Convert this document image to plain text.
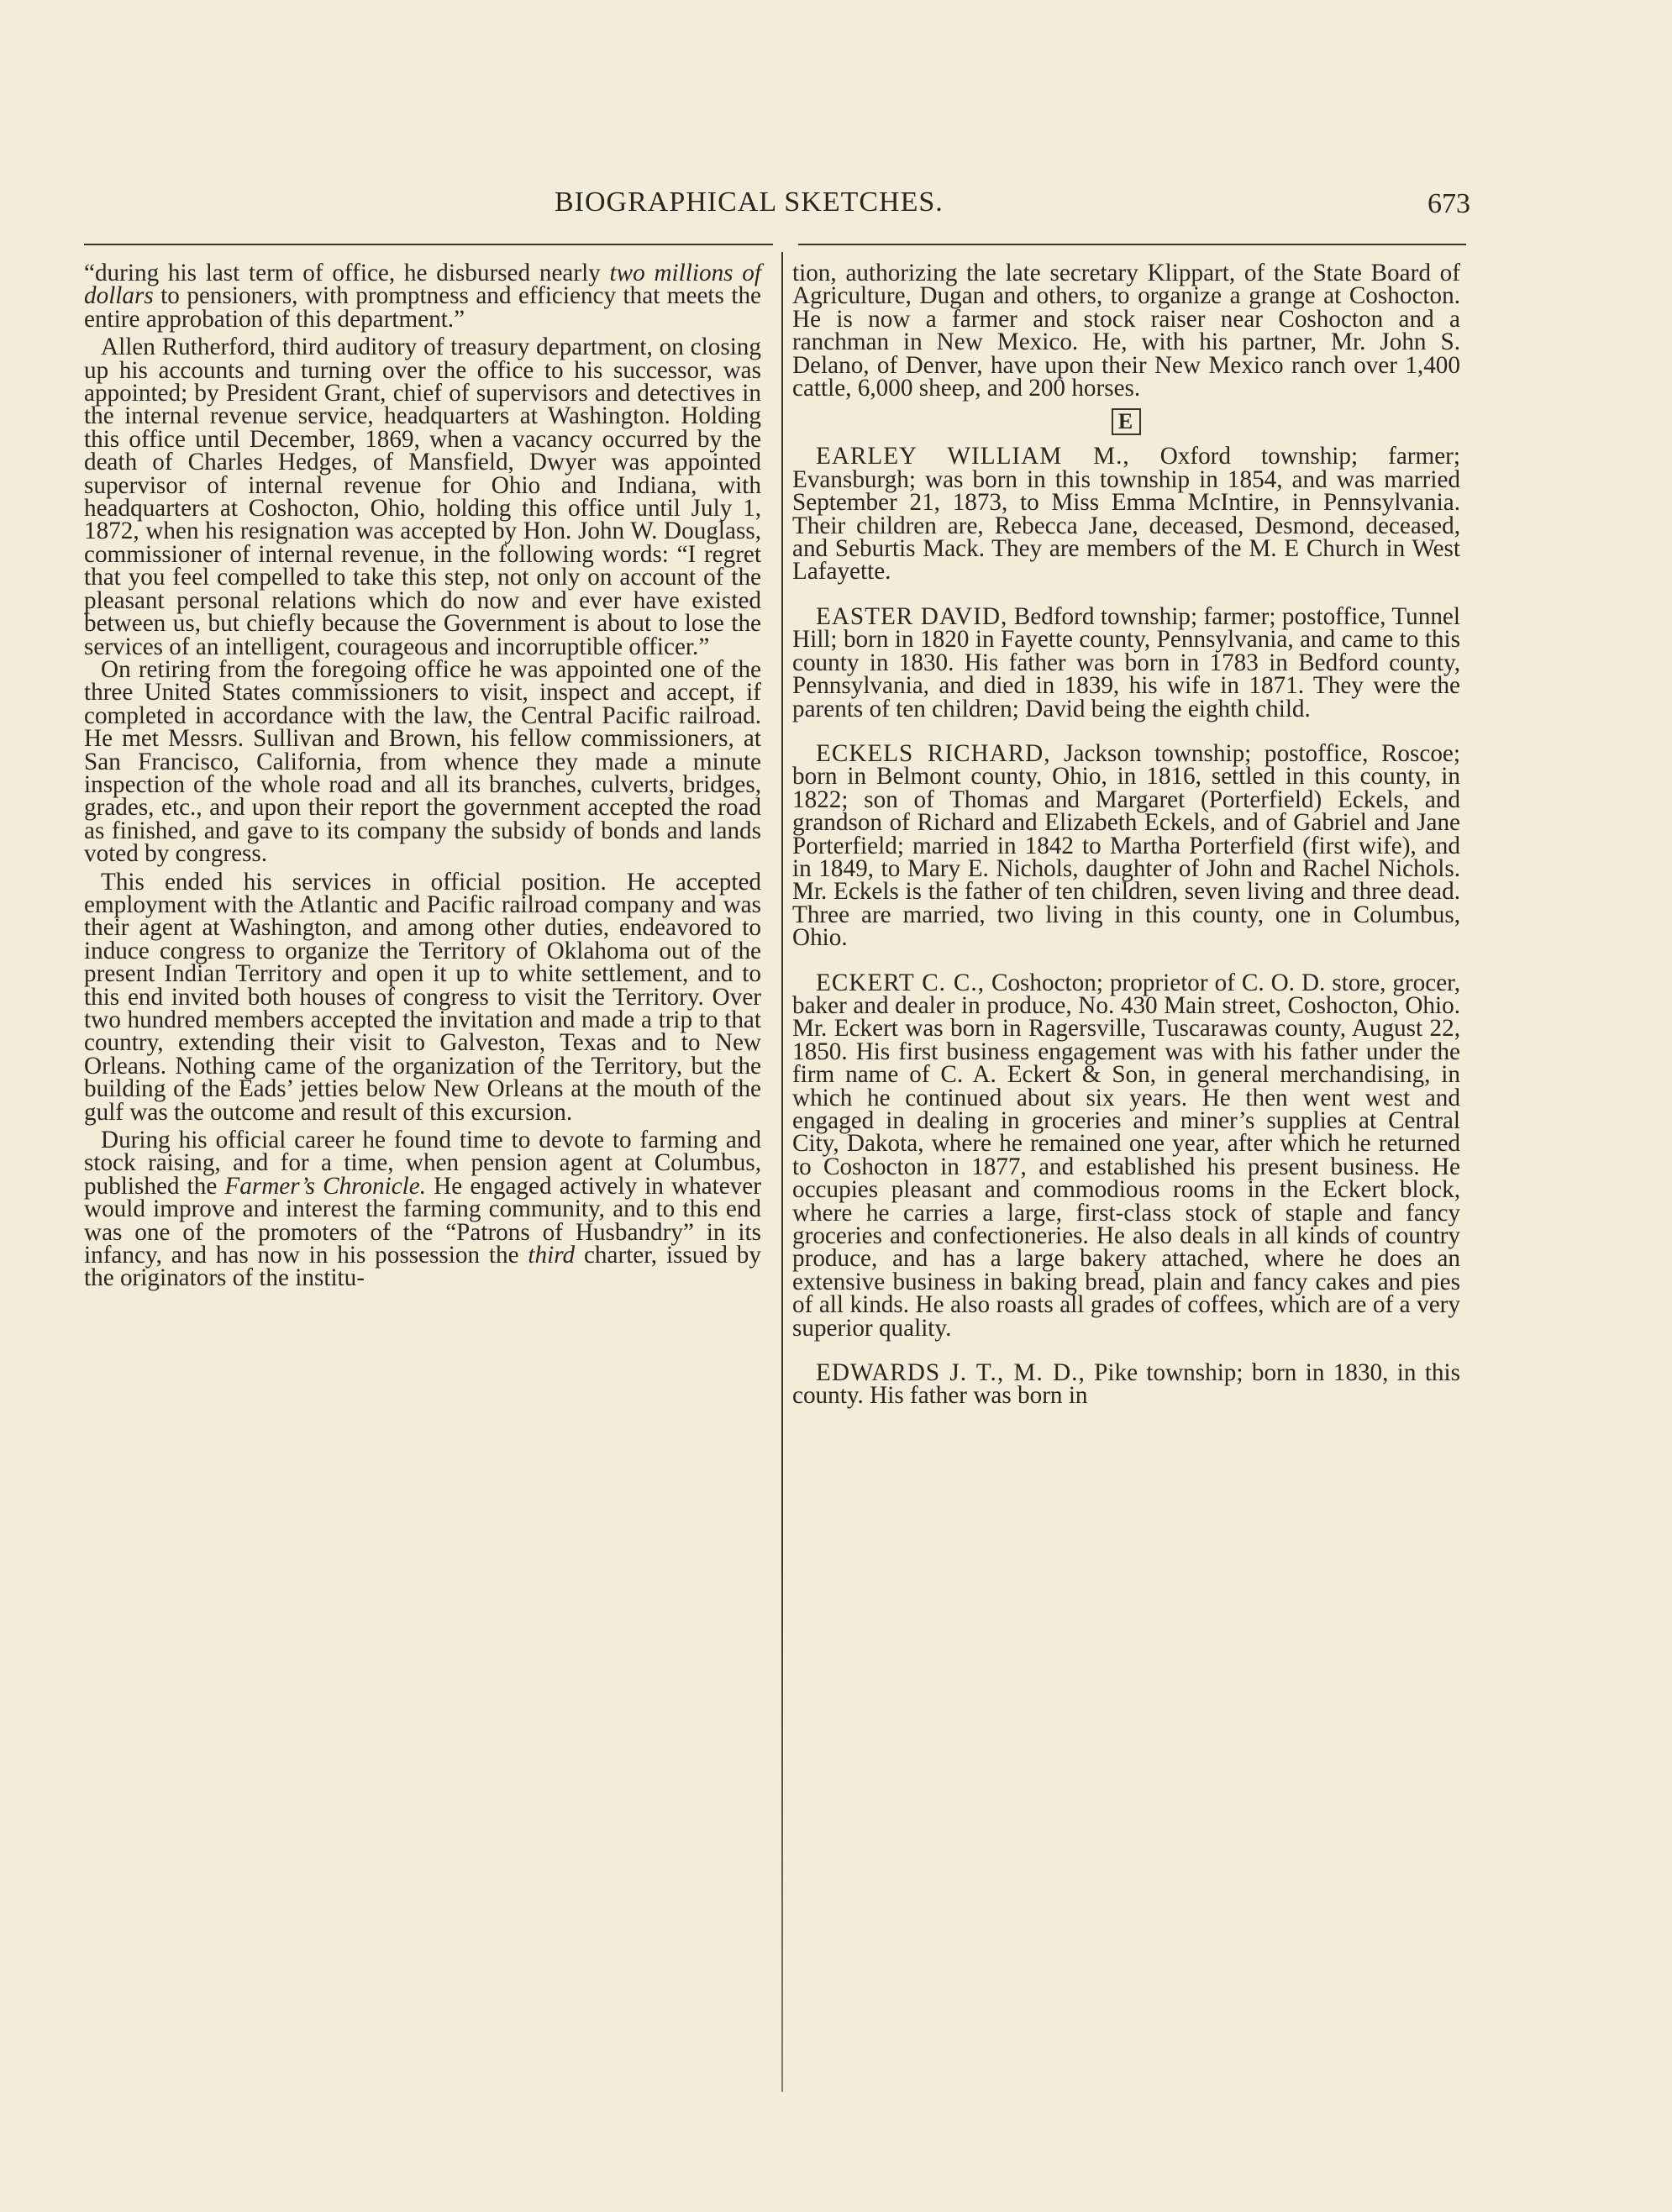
BIOGRAPHICAL SKETCHES.	673

“during his last term of office, he disbursed nearly two millions of dollars to pensioners, with promptness and efficiency that meets the entire approbation of this department.”

Allen Rutherford, third auditory of treasury department, on closing up his accounts and turning over the office to his successor, was appointed; by President Grant, chief of supervisors and detectives in the internal revenue service, headquarters at Washington. Holding this office until December, 1869, when a vacancy occurred by the death of Charles Hedges, of Mansfield, Dwyer was appointed supervisor of internal revenue for Ohio and Indiana, with headquarters at Coshocton, Ohio, holding this office until July 1, 1872, when his resignation was accepted by Hon. John W. Douglass, commissioner of internal revenue, in the following words: “I regret that you feel compelled to take this step, not only on account of the pleasant personal relations which do now and ever have existed between us, but chiefly because the Government is about to lose the services of an intelligent, courageous and incorruptible officer.”

On retiring from the foregoing office he was appointed one of the three United States commissioners to visit, inspect and accept, if completed in accordance with the law, the Central Pacific railroad. He met Messrs. Sullivan and Brown, his fellow commissioners, at San Francisco, California, from whence they made a minute inspection of the whole road and all its branches, culverts, bridges, grades, etc., and upon their report the government accepted the road as finished, and gave to its company the subsidy of bonds and lands voted by congress.

This ended his services in official position. He accepted employment with the Atlantic and Pacific railroad company and was their agent at Washington, and among other duties, endeavored to induce congress to organize the Territory of Oklahoma out of the present Indian Territory and open it up to white settlement, and to this end invited both houses of congress to visit the Territory. Over two hundred members accepted the invitation and made a trip to that country, extending their visit to Galveston, Texas and to New Orleans. Nothing came of the organization of the Territory, but the building of the Eads’ jetties below New Orleans at the mouth of the gulf was the outcome and result of this excursion.

During his official career he found time to devote to farming and stock raising, and for a time, when pension agent at Columbus, published the Farmer’s Chronicle. He engaged actively in whatever would improve and interest the farming community, and to this end was one of the promoters of the “Patrons of Husbandry” in its infancy, and has now in his possession the third charter, issued by the originators of the institu-

tion, authorizing the late secretary Klippart, of the State Board of Agriculture, Dugan and others, to organize a grange at Coshocton. He is now a farmer and stock raiser near Coshocton and a ranchman in New Mexico. He, with his partner, Mr. John S. Delano, of Denver, have upon their New Mexico ranch over 1,400 cattle, 6,000 sheep, and 200 horses.

E

EARLEY WILLIAM M., Oxford township; farmer; Evansburgh; was born in this township in 1854, and was married September 21, 1873, to Miss Emma McIntire, in Pennsylvania. Their children are, Rebecca Jane, deceased, Desmond, deceased, and Seburtis Mack. They are members of the M. E Church in West Lafayette.

EASTER DAVID, Bedford township; farmer; postoffice, Tunnel Hill; born in 1820 in Fayette county, Pennsylvania, and came to this county in 1830. His father was born in 1783 in Bedford county, Pennsylvania, and died in 1839, his wife in 1871. They were the parents of ten children; David being the eighth child.

ECKELS RICHARD, Jackson township; postoffice, Roscoe; born in Belmont county, Ohio, in 1816, settled in this county, in 1822; son of Thomas and Margaret (Porterfield) Eckels, and grandson of Richard and Elizabeth Eckels, and of Gabriel and Jane Porterfield; married in 1842 to Martha Porterfield (first wife), and in 1849, to Mary E. Nichols, daughter of John and Rachel Nichols. Mr. Eckels is the father of ten children, seven living and three dead. Three are married, two living in this county, one in Columbus, Ohio.

ECKERT C. C., Coshocton; proprietor of C. O. D. store, grocer, baker and dealer in produce, No. 430 Main street, Coshocton, Ohio. Mr. Eckert was born in Ragersville, Tuscarawas county, August 22, 1850. His first business engagement was with his father under the firm name of C. A. Eckert & Son, in general merchandising, in which he continued about six years. He then went west and engaged in dealing in groceries and miner’s supplies at Central City, Dakota, where he remained one year, after which he returned to Coshocton in 1877, and established his present business. He occupies pleasant and commodious rooms in the Eckert block, where he carries a large, first-class stock of staple and fancy groceries and confectioneries. He also deals in all kinds of country produce, and has a large bakery attached, where he does an extensive business in baking bread, plain and fancy cakes and pies of all kinds. He also roasts all grades of coffees, which are of a very superior quality.

EDWARDS J. T., M. D., Pike township; born in 1830, in this county. His father was born in
